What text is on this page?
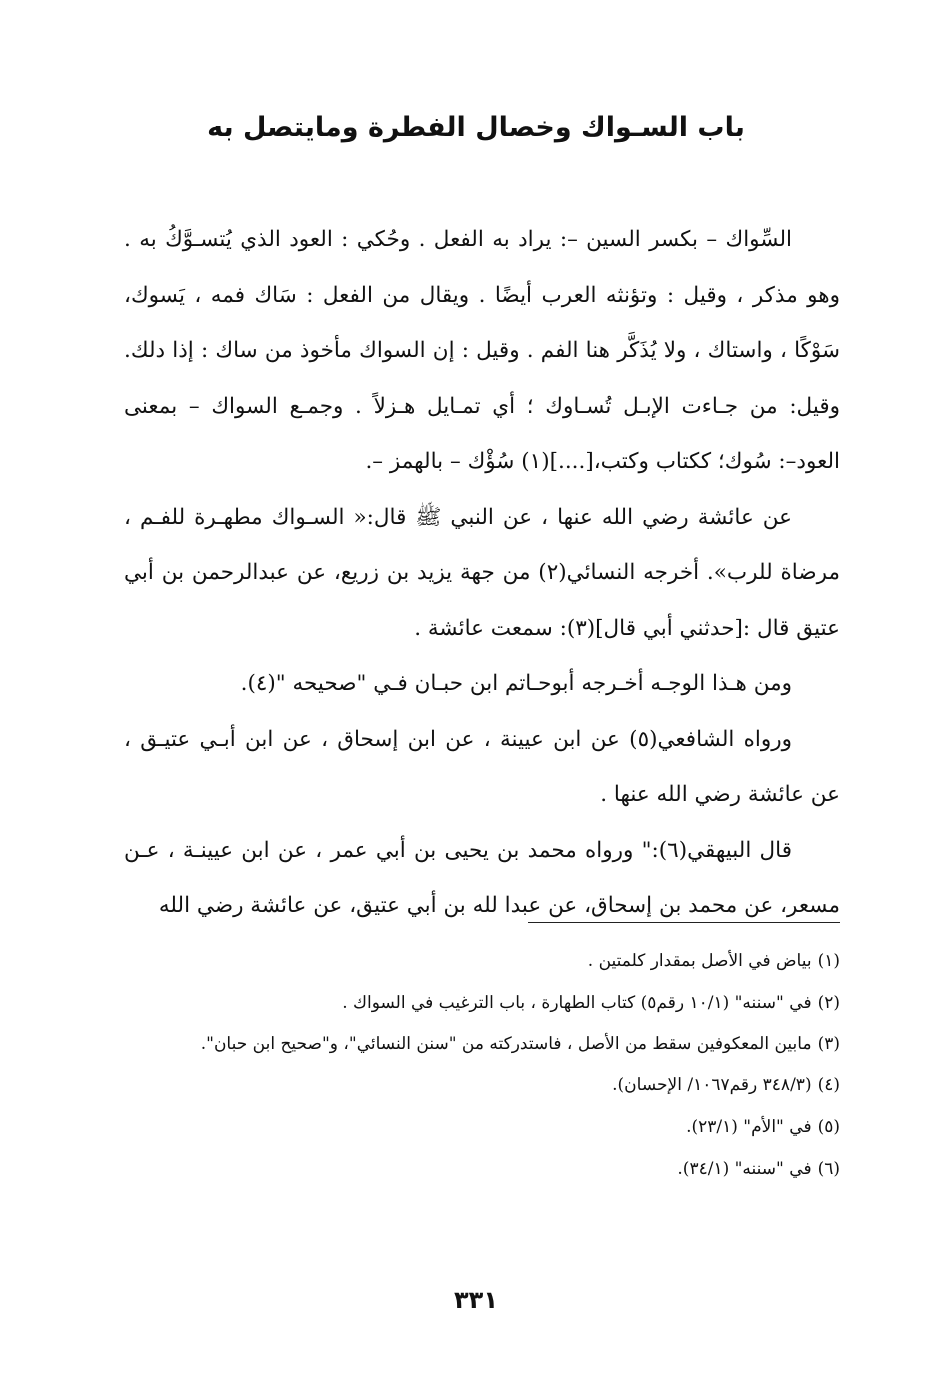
باب السـواك وخصال الفطرة ومايتصل به

السِّواك – بكسر السين –: يراد به الفعل . وحُكي : العود الذي يُتسـوَّكُ به . وهو مذكر ، وقيل : وتؤنثه العرب أيضًا . ويقال من الفعل : سَاك فمه ، يَسوك، سَوْكًا ، واستاك ، ولا يُذَكَّر هنا الفم . وقيل : إن السواك مأخوذ من ساك : إذا دلك. وقيل: من جـاءت الإبـل تُسـاوك ؛ أي تمـايل هـزلاً . وجمـع السواك – بمعنى العود–: سُوك؛ ككتاب وكتب،[....](١) سُؤْك – بالهمز –.

عن عائشة رضي الله عنها ، عن النبي ﷺ قال:« السـواك مطهـرة للفـم ، مرضاة للرب». أخرجه النسائي(٢) من جهة يزيد بن زريع، عن عبدالرحمن بن أبي عتيق قال :[حدثني أبي قال](٣): سمعت عائشة .

ومن هـذا الوجـه أخـرجه أبوحـاتم ابن حبـان فـي "صحيحه "(٤).

ورواه الشافعي(٥) عن ابن عيينة ، عن ابن إسحاق ، عن ابن أبـي عتيـق ، عن عائشة رضي الله عنها .

قال البيهقي(٦):" ورواه محمد بن يحيى بن أبي عمر ، عن ابن عيينـة ، عـن مسعر، عن محمد بن إسحاق، عن عبدا لله بن أبي عتيق، عن عائشة رضي الله

(١)بياض في الأصل بمقدار كلمتين .

(٢)في "سننه" (١٠/١ رقم٥) كتاب الطهارة ، باب الترغيب في السواك .

(٣)مابين المعكوفين سقط من الأصل ، فاستدركته من "سنن النسائي"، و"صحيح ابن حبان".

(٤)(٣٤٨/٣ رقم١٠٦٧/ الإحسان).

(٥)في "الأم" (٢٣/١).

(٦)في "سننه" (٣٤/١).

٣٣١
